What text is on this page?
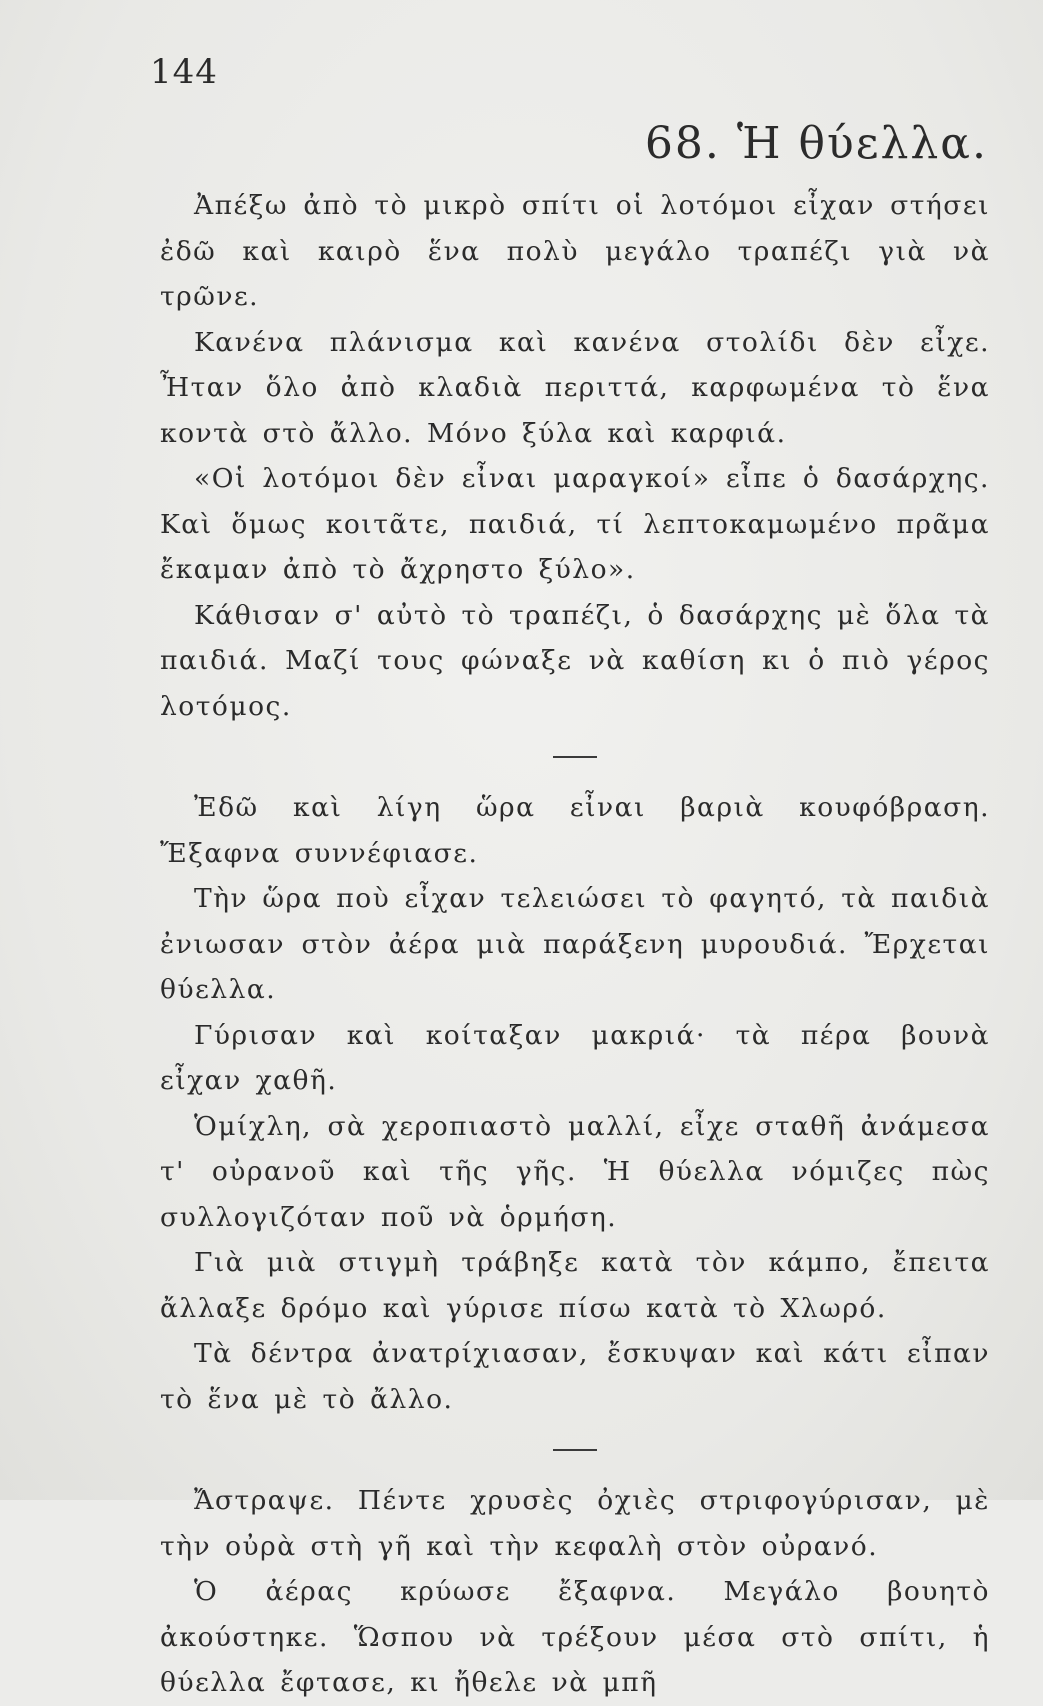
144
68. Ἡ θύελλα.

Ἀπέξω ἀπὸ τὸ μικρὸ σπίτι οἱ λοτόμοι εἶχαν στήσει ἐδῶ καὶ καιρὸ ἕνα πολὺ μεγάλο τραπέζι γιὰ νὰ τρῶνε.

Κανένα πλάνισμα καὶ κανένα στολίδι δὲν εἶχε. Ἦταν ὅλο ἀπὸ κλαδιὰ περιττά, καρφωμένα τὸ ἕνα κοντὰ στὸ ἄλλο. Μόνο ξύλα καὶ καρφιά.

«Οἱ λοτόμοι δὲν εἶναι μαραγκοί» εἶπε ὁ δασάρχης. Καὶ ὅμως κοιτᾶτε, παιδιά, τί λεπτοκαμωμένο πρᾶμα ἔκαμαν ἀπὸ τὸ ἄχρηστο ξύλο».

Κάθισαν σ' αὐτὸ τὸ τραπέζι, ὁ δασάρχης μὲ ὅλα τὰ παιδιά. Μαζί τους φώναξε νὰ καθίση κι ὁ πιὸ γέρος λοτόμος.

Ἐδῶ καὶ λίγη ὥρα εἶναι βαριὰ κουφόβραση. Ἔξαφνα συννέφιασε.

Τὴν ὥρα ποὺ εἶχαν τελειώσει τὸ φαγητό, τὰ παιδιὰ ἐνιωσαν στὸν ἀέρα μιὰ παράξενη μυρουδιά. Ἔρχεται θύελλα.

Γύρισαν καὶ κοίταξαν μακριά· τὰ πέρα βουνὰ εἶχαν χαθῆ.

Ὁμίχλη, σὰ χεροπιαστὸ μαλλί, εἶχε σταθῆ ἀνάμεσα τ' οὐρανοῦ καὶ τῆς γῆς. Ἡ θύελλα νόμιζες πὼς συλλογιζόταν ποῦ νὰ ὁρμήση.

Γιὰ μιὰ στιγμὴ τράβηξε κατὰ τὸν κάμπο, ἔπειτα ἄλλαξε δρόμο καὶ γύρισε πίσω κατὰ τὸ Χλωρό.

Τὰ δέντρα ἀνατρίχιασαν, ἔσκυψαν καὶ κάτι εἶπαν τὸ ἕνα μὲ τὸ ἄλλο.

Ἄστραψε. Πέντε χρυσὲς ὀχιὲς στριφογύρισαν, μὲ τὴν οὐρὰ στὴ γῆ καὶ τὴν κεφαλὴ στὸν οὐρανό.

Ὁ ἀέρας κρύωσε ἔξαφνα. Μεγάλο βουητὸ ἀκούστηκε. Ὥσπου νὰ τρέξουν μέσα στὸ σπίτι, ἡ θύελλα ἔφτασε, κι ἤθελε νὰ μπῆ
